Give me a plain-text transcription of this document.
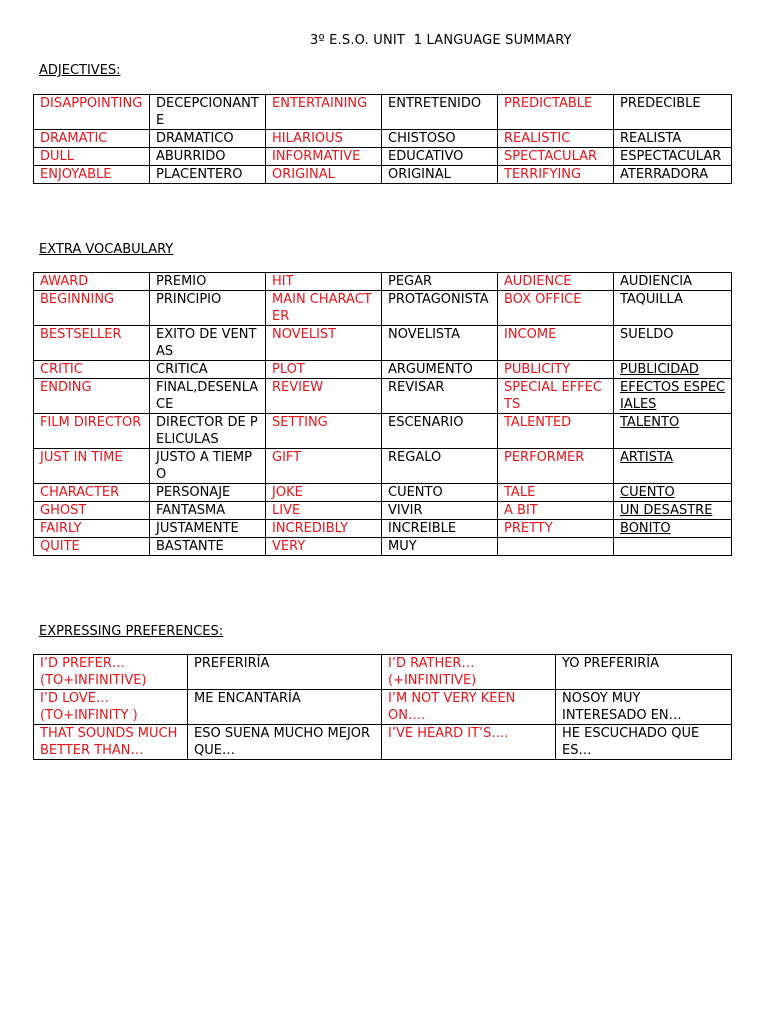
3º E.S.O. UNIT  1 LANGUAGE SUMMARY
ADJECTIVES:
DISAPPOINTING	DECEPCIONANTE	ENTERTAINING	ENTRETENIDO	PREDICTABLE	PREDECIBLE
DRAMATIC	DRAMATICO	HILARIOUS	CHISTOSO	REALISTIC	REALISTA
DULL	ABURRIDO	INFORMATIVE	EDUCATIVO	SPECTACULAR	ESPECTACULAR
ENJOYABLE	PLACENTERO	ORIGINAL	ORIGINAL	TERRIFYING	ATERRADORA
EXTRA VOCABULARY
AWARD	PREMIO	HIT	PEGAR	AUDIENCE	AUDIENCIA
BEGINNING	PRINCIPIO	MAIN CHARACTER	PROTAGONISTA	BOX OFFICE	TAQUILLA
BESTSELLER	EXITO DE VENTAS	NOVELIST	NOVELISTA	INCOME	SUELDO
CRITIC	CRITICA	PLOT	ARGUMENTO	PUBLICITY	PUBLICIDAD
ENDING	FINAL,DESENLACE	REVIEW	REVISAR	SPECIAL EFFECTS	EFECTOS ESPECIALES
FILM DIRECTOR	DIRECTOR DE PELICULAS	SETTING	ESCENARIO	TALENTED	TALENTO
JUST IN TIME	JUSTO A TIEMPO	GIFT	REGALO	PERFORMER	ARTISTA
CHARACTER	PERSONAJE	JOKE	CUENTO	TALE	CUENTO
GHOST	FANTASMA	LIVE	VIVIR	A BIT	UN DESASTRE
FAIRLY	JUSTAMENTE	INCREDIBLY	INCREIBLE	PRETTY	BONITO
QUITE	BASTANTE	VERY	MUY		
EXPRESSING PREFERENCES:
I’D PREFER… (TO+INFINITIVE)	PREFERIRÍA	I’D RATHER… (+INFINITIVE)	YO PREFERIRÍA
I’D LOVE… (TO+INFINITY )	ME ENCANTARÍA	I’M NOT VERY KEEN ON….	NOSOY MUY INTERESADO EN…
THAT SOUNDS MUCH BETTER THAN…	ESO SUENA MUCHO MEJOR QUE…	I’VE HEARD IT’S….	HE ESCUCHADO QUE ES…
